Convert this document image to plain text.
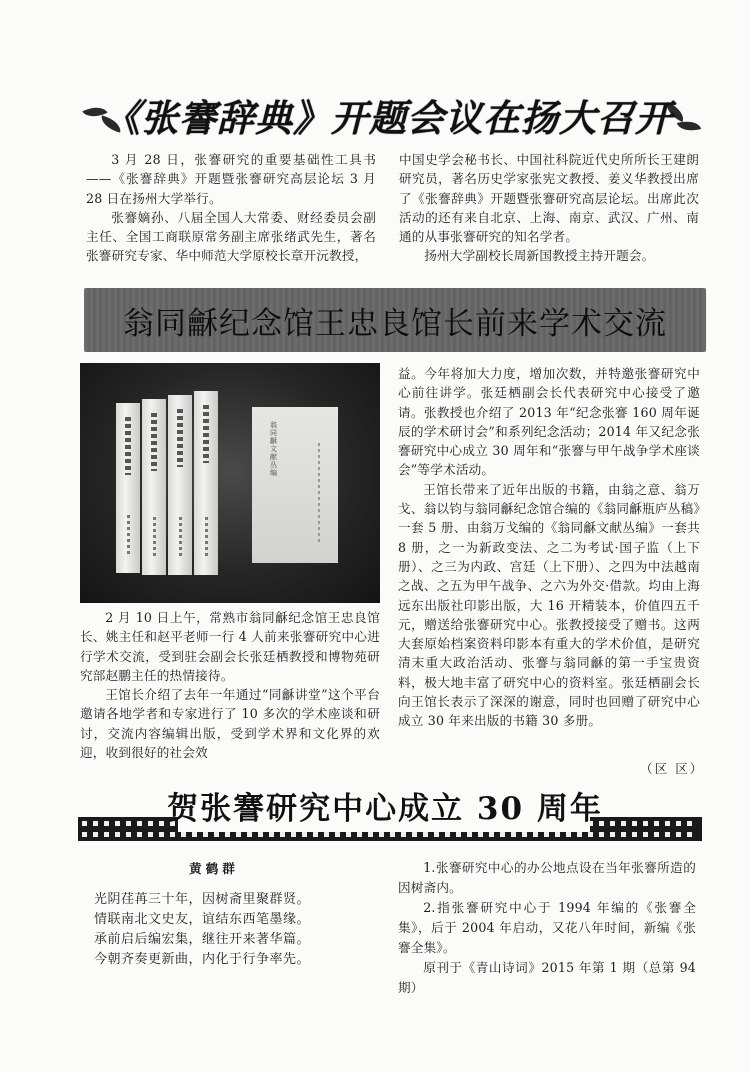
《张謇辞典》开题会议在扬大召开

3 月 28 日，张謇研究的重要基础性工具书——《张謇辞典》开题暨张謇研究高层论坛 3 月 28 日在扬州大学举行。

张謇嫡孙、八届全国人大常委、财经委员会副主任、全国工商联原常务副主席张绪武先生，著名张謇研究专家、华中师范大学原校长章开沅教授，

中国史学会秘书长、中国社科院近代史所所长王建朗研究员，著名历史学家张宪文教授、姜义华教授出席了《张謇辞典》开题暨张謇研究高层论坛。出席此次活动的还有来自北京、上海、南京、武汉、广州、南通的从事张謇研究的知名学者。

扬州大学副校长周新国教授主持开题会。

翁同龢纪念馆王忠良馆长前来学术交流
翁同龢文献丛编

益。今年将加大力度，增加次数，并特邀张謇研究中心前往讲学。张廷栖副会长代表研究中心接受了邀请。张教授也介绍了 2013 年“纪念张謇 160 周年诞辰的学术研讨会”和系列纪念活动；2014 年又纪念张謇研究中心成立 30 周年和“张謇与甲午战争学术座谈会”等学术活动。

王馆长带来了近年出版的书籍，由翁之意、翁万戈、翁以钧与翁同龢纪念馆合编的《翁同龢瓶庐丛稿》一套 5 册、由翁万戈编的《翁同龢文献丛编》一套共 8 册，之一为新政变法、之二为考试·国子监（上下册）、之三为内政、宫廷（上下册）、之四为中法越南之战、之五为甲午战争、之六为外交·借款。均由上海远东出版社印影出版，大 16 开精装本，价值四五千元，赠送给张謇研究中心。张教授接受了赠书。这两大套原始档案资料印影本有重大的学术价值，是研究清末重大政治活动、张謇与翁同龢的第一手宝贵资料，极大地丰富了研究中心的资料室。张廷栖副会长向王馆长表示了深深的谢意，同时也回赠了研究中心成立 30 年来出版的书籍 30 多册。

2 月 10 日上午，常熟市翁同龢纪念馆王忠良馆长、姚主任和赵平老师一行 4 人前来张謇研究中心进行学术交流，受到驻会副会长张廷栖教授和博物苑研究部赵鹏主任的热情接待。

王馆长介绍了去年一年通过“同龢讲堂”这个平台邀请各地学者和专家进行了 10 多次的学术座谈和研讨，交流内容编辑出版，受到学术界和文化界的欢迎，收到很好的社会效

（区 区）
贺张謇研究中心成立 30 周年
黄鹤群
光阴荏苒三十年，因树斋里聚群贤。
情联南北文史友，谊结东西笔墨缘。
承前启后编宏集，继往开来著华篇。
今朝齐奏更新曲，内化于行争率先。

1.张謇研究中心的办公地点设在当年张謇所造的因树斋内。

2.指张謇研究中心于 1994 年编的《张謇全集》，后于 2004 年启动，又花八年时间，新编《张謇全集》。

原刊于《青山诗词》2015 年第 1 期（总第 94 期）
